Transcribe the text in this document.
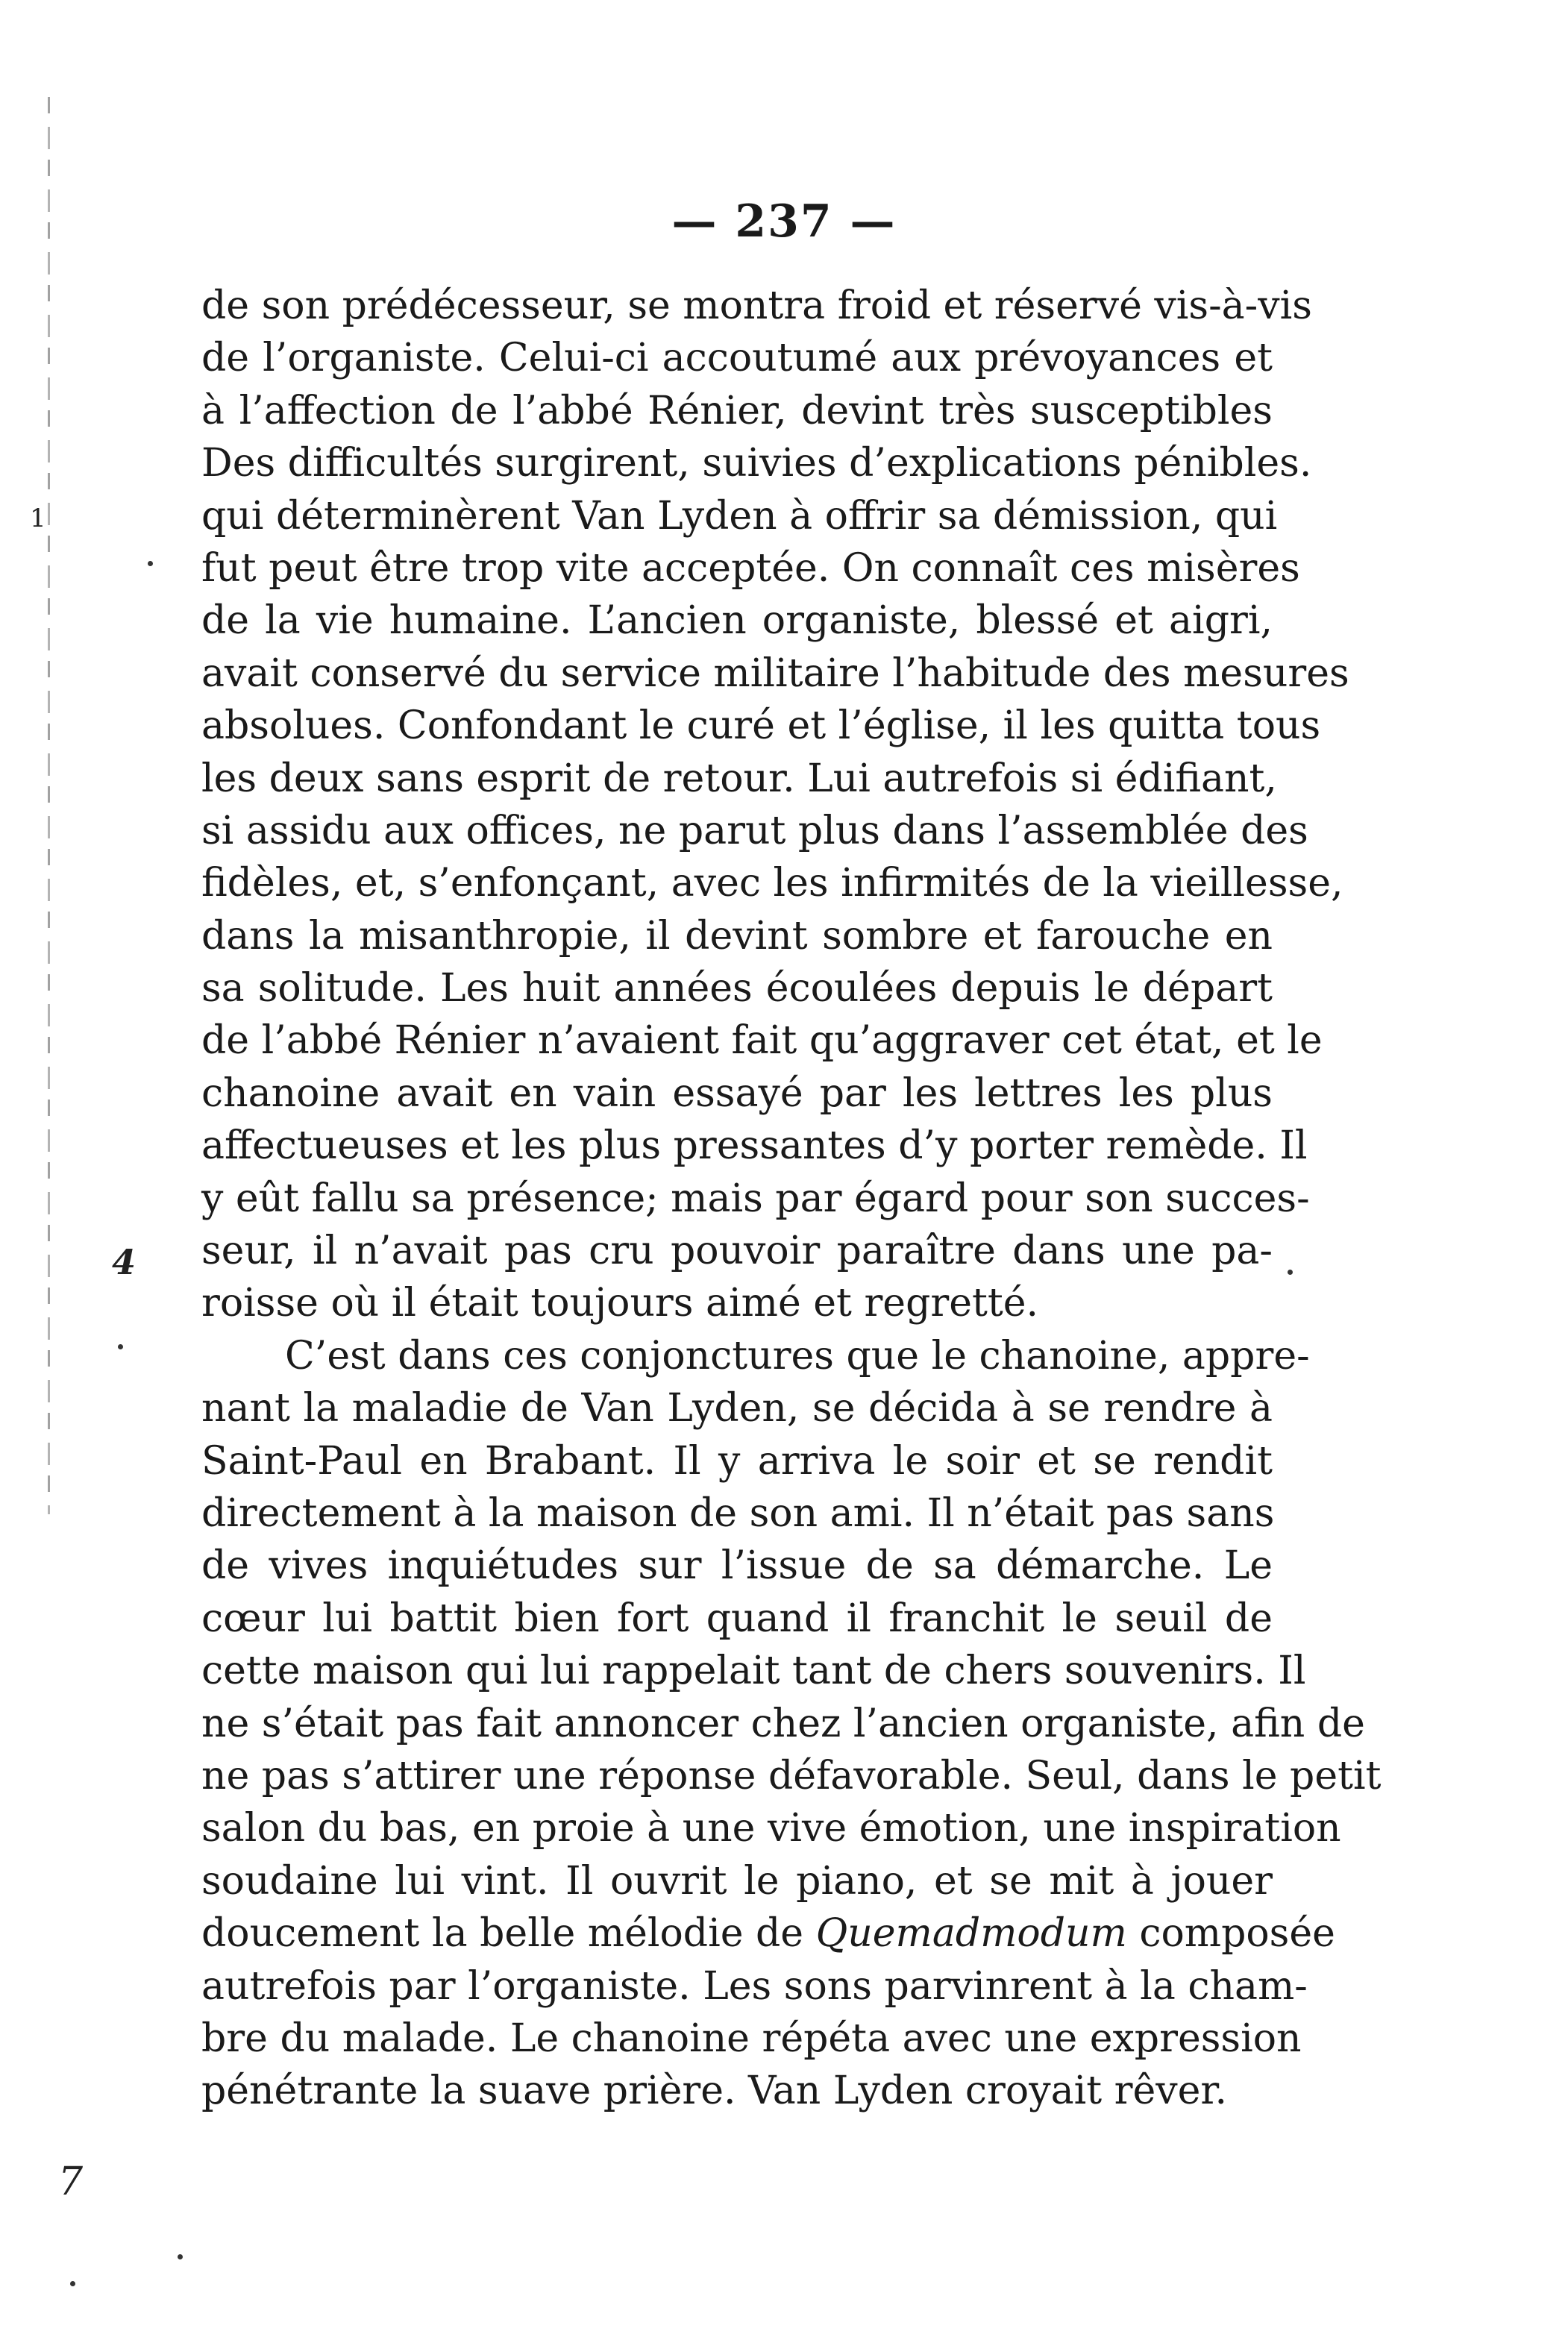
1
4
7
— 237 —
de son prédécesseur, se montra froid et réservé vis-à-vis
de l’organiste. Celui-ci accoutumé aux prévoyances et
à l’affection de l’abbé Rénier, devint très susceptibles
Des difficultés surgirent, suivies d’explications pénibles.
qui déterminèrent Van Lyden à offrir sa démission, qui
fut peut être trop vite acceptée. On connaît ces misères
de la vie humaine. L’ancien organiste, blessé et aigri,
avait conservé du service militaire l’habitude des mesures
absolues. Confondant le curé et l’église, il les quitta tous
les deux sans esprit de retour. Lui autrefois si édifiant,
si assidu aux offices, ne parut plus dans l’assemblée des
fidèles, et, s’enfonçant, avec les infirmités de la vieillesse,
dans la misanthropie, il devint sombre et farouche en
sa solitude. Les huit années écoulées depuis le départ
de l’abbé Rénier n’avaient fait qu’aggraver cet état, et le
chanoine avait en vain essayé par les lettres les plus
affectueuses et les plus pressantes d’y porter remède. Il
y eût fallu sa présence; mais par égard pour son succes-
seur, il n’avait pas cru pouvoir paraître dans une pa-
roisse où il était toujours aimé et regretté.
C’est dans ces conjonctures que le chanoine, appre-
nant la maladie de Van Lyden, se décida à se rendre à
Saint-Paul en Brabant. Il y arriva le soir et se rendit
directement à la maison de son ami. Il n’était pas sans
de vives inquiétudes sur l’issue de sa démarche. Le
cœur lui battit bien fort quand il franchit le seuil de
cette maison qui lui rappelait tant de chers souvenirs. Il
ne s’était pas fait annoncer chez l’ancien organiste, afin de
ne pas s’attirer une réponse défavorable. Seul, dans le petit
salon du bas, en proie à une vive émotion, une inspiration
soudaine lui vint. Il ouvrit le piano, et se mit à jouer
doucement la belle mélodie de Quemadmodum composée
autrefois par l’organiste. Les sons parvinrent à la cham-
bre du malade. Le chanoine répéta avec une expression
pénétrante la suave prière. Van Lyden croyait rêver.
